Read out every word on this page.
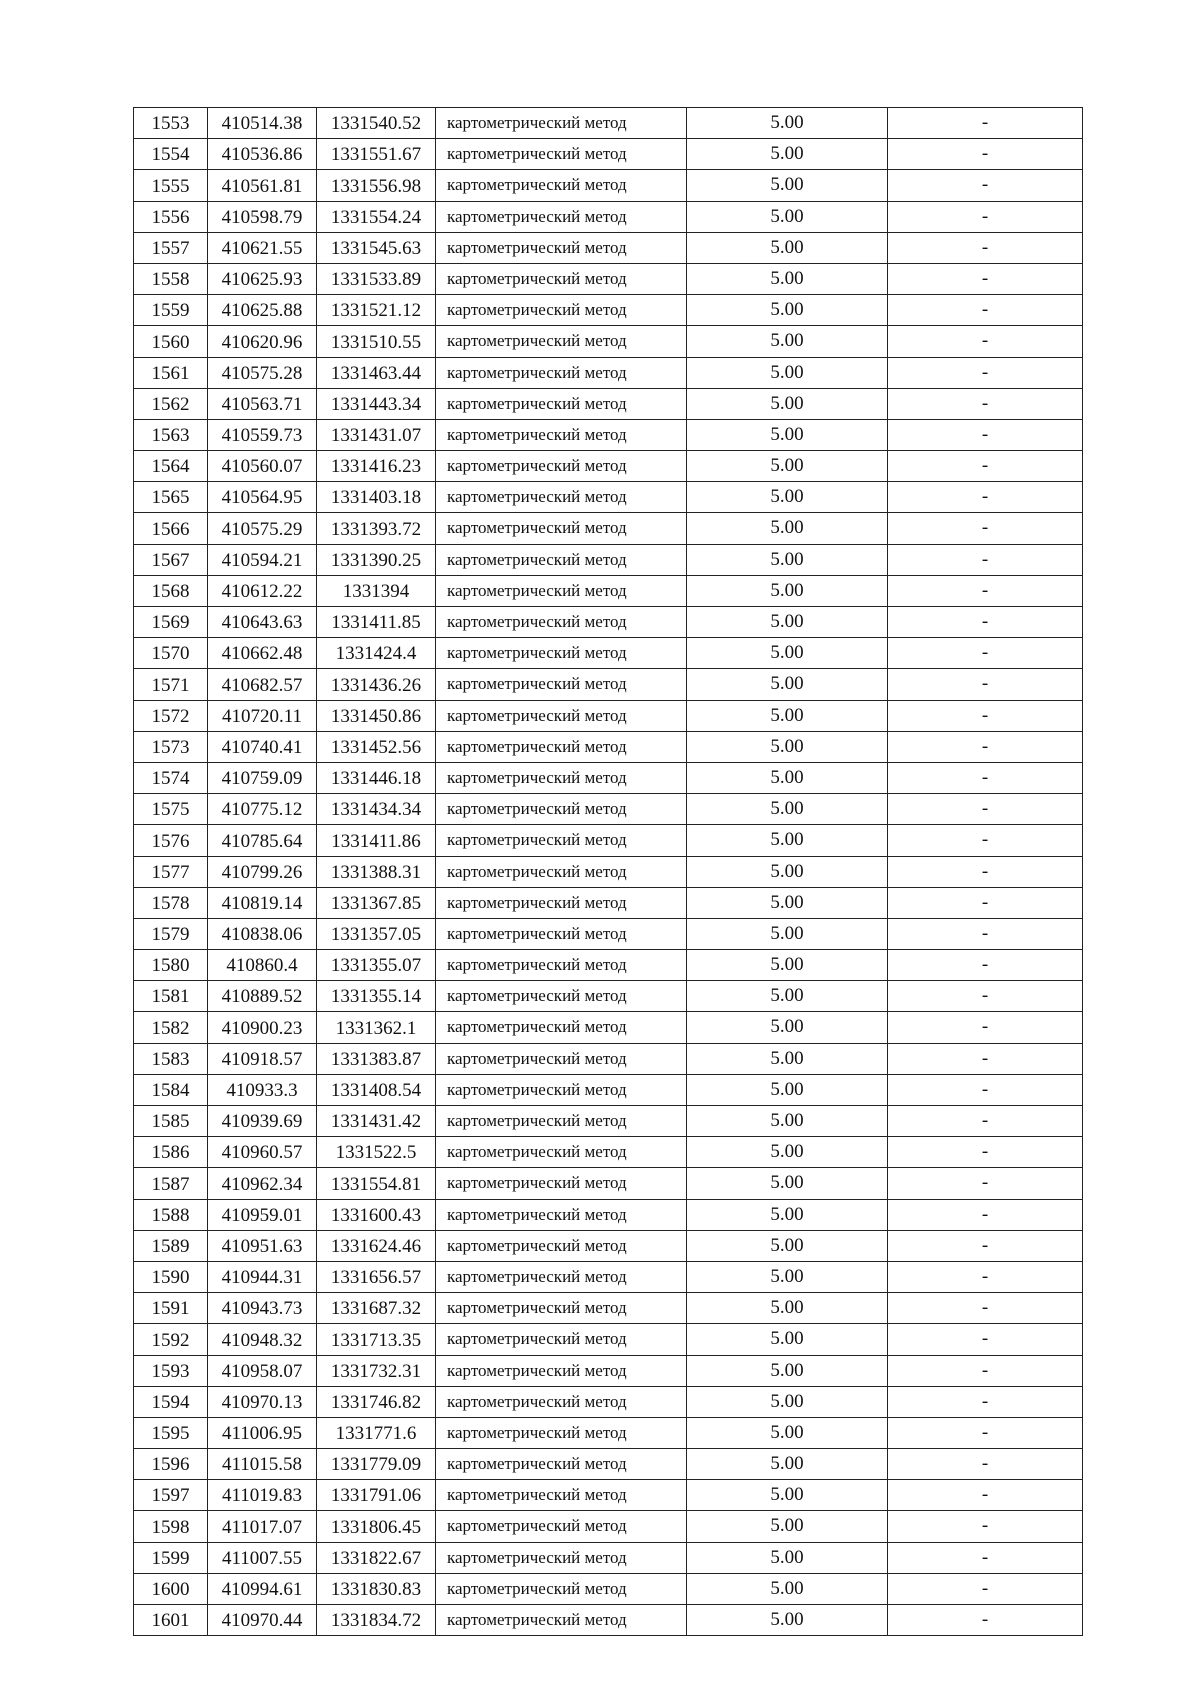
1553	410514.38	1331540.52	картометрический метод	5.00	-
1554	410536.86	1331551.67	картометрический метод	5.00	-
1555	410561.81	1331556.98	картометрический метод	5.00	-
1556	410598.79	1331554.24	картометрический метод	5.00	-
1557	410621.55	1331545.63	картометрический метод	5.00	-
1558	410625.93	1331533.89	картометрический метод	5.00	-
1559	410625.88	1331521.12	картометрический метод	5.00	-
1560	410620.96	1331510.55	картометрический метод	5.00	-
1561	410575.28	1331463.44	картометрический метод	5.00	-
1562	410563.71	1331443.34	картометрический метод	5.00	-
1563	410559.73	1331431.07	картометрический метод	5.00	-
1564	410560.07	1331416.23	картометрический метод	5.00	-
1565	410564.95	1331403.18	картометрический метод	5.00	-
1566	410575.29	1331393.72	картометрический метод	5.00	-
1567	410594.21	1331390.25	картометрический метод	5.00	-
1568	410612.22	1331394	картометрический метод	5.00	-
1569	410643.63	1331411.85	картометрический метод	5.00	-
1570	410662.48	1331424.4	картометрический метод	5.00	-
1571	410682.57	1331436.26	картометрический метод	5.00	-
1572	410720.11	1331450.86	картометрический метод	5.00	-
1573	410740.41	1331452.56	картометрический метод	5.00	-
1574	410759.09	1331446.18	картометрический метод	5.00	-
1575	410775.12	1331434.34	картометрический метод	5.00	-
1576	410785.64	1331411.86	картометрический метод	5.00	-
1577	410799.26	1331388.31	картометрический метод	5.00	-
1578	410819.14	1331367.85	картометрический метод	5.00	-
1579	410838.06	1331357.05	картометрический метод	5.00	-
1580	410860.4	1331355.07	картометрический метод	5.00	-
1581	410889.52	1331355.14	картометрический метод	5.00	-
1582	410900.23	1331362.1	картометрический метод	5.00	-
1583	410918.57	1331383.87	картометрический метод	5.00	-
1584	410933.3	1331408.54	картометрический метод	5.00	-
1585	410939.69	1331431.42	картометрический метод	5.00	-
1586	410960.57	1331522.5	картометрический метод	5.00	-
1587	410962.34	1331554.81	картометрический метод	5.00	-
1588	410959.01	1331600.43	картометрический метод	5.00	-
1589	410951.63	1331624.46	картометрический метод	5.00	-
1590	410944.31	1331656.57	картометрический метод	5.00	-
1591	410943.73	1331687.32	картометрический метод	5.00	-
1592	410948.32	1331713.35	картометрический метод	5.00	-
1593	410958.07	1331732.31	картометрический метод	5.00	-
1594	410970.13	1331746.82	картометрический метод	5.00	-
1595	411006.95	1331771.6	картометрический метод	5.00	-
1596	411015.58	1331779.09	картометрический метод	5.00	-
1597	411019.83	1331791.06	картометрический метод	5.00	-
1598	411017.07	1331806.45	картометрический метод	5.00	-
1599	411007.55	1331822.67	картометрический метод	5.00	-
1600	410994.61	1331830.83	картометрический метод	5.00	-
1601	410970.44	1331834.72	картометрический метод	5.00	-
